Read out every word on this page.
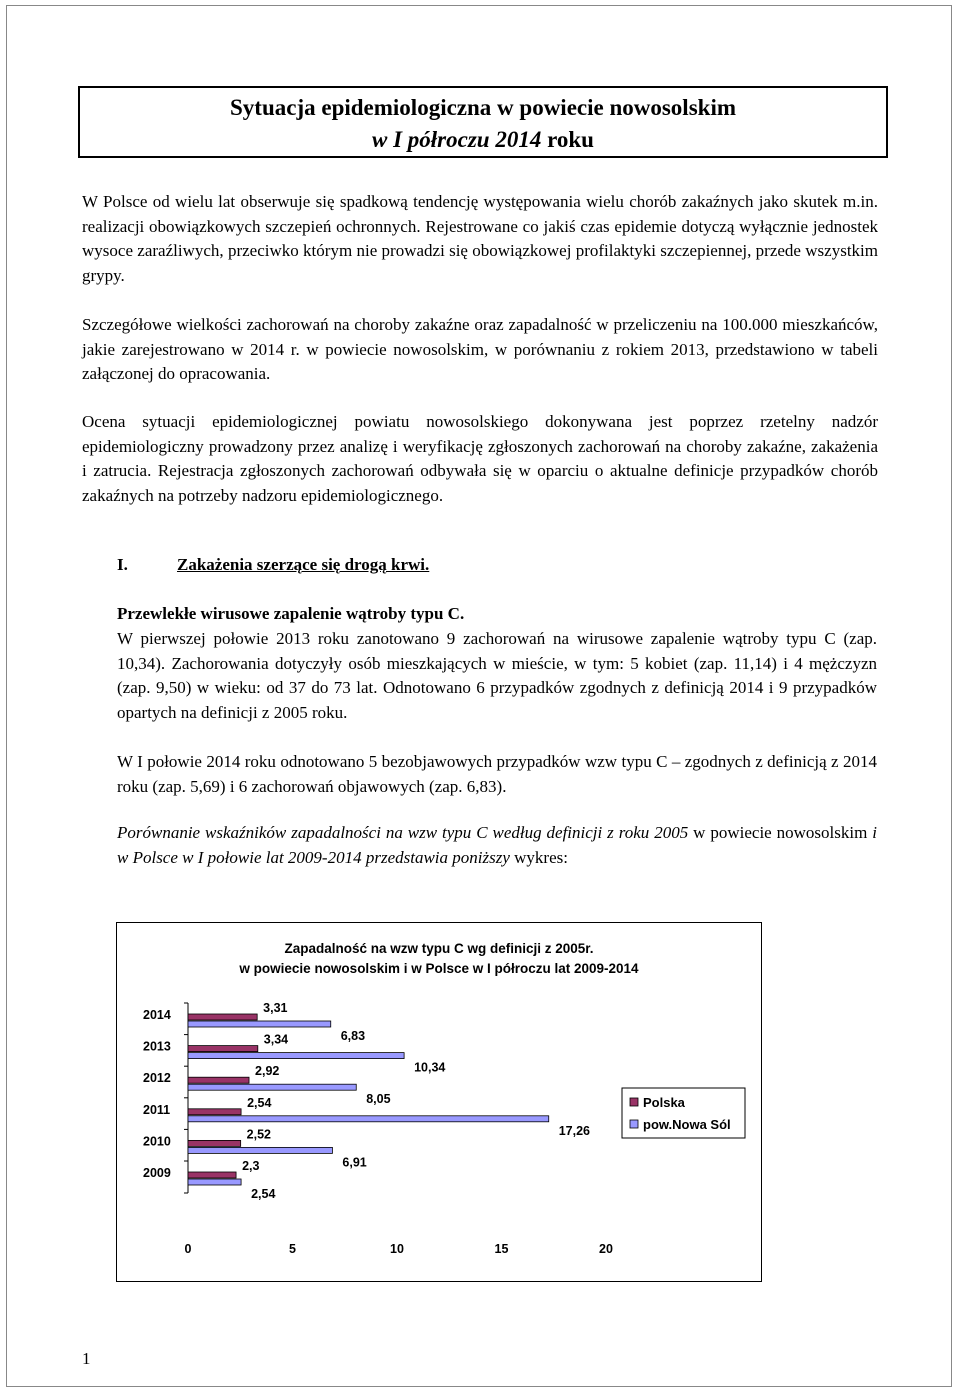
Sytuacja epidemiologiczna w powiecie nowosolskim
w I półroczu 2014 roku
W Polsce od wielu lat obserwuje się spadkową tendencję występowania wielu chorób zakaźnych jako skutek m.in. realizacji obowiązkowych szczepień ochronnych. Rejestrowane co jakiś czas epidemie dotyczą wyłącznie jednostek wysoce zaraźliwych, przeciwko którym nie prowadzi się obowiązkowej profilaktyki szczepiennej, przede wszystkim grypy.
Szczegółowe wielkości zachorowań na choroby zakaźne oraz zapadalność w przeliczeniu na 100.000 mieszkańców, jakie zarejestrowano w 2014 r. w powiecie nowosolskim, w porównaniu z rokiem 2013, przedstawiono w tabeli załączonej do opracowania.
Ocena sytuacji epidemiologicznej powiatu nowosolskiego dokonywana jest poprzez rzetelny nadzór epidemiologiczny prowadzony przez analizę i weryfikację zgłoszonych zachorowań na choroby zakaźne, zakażenia i zatrucia. Rejestracja zgłoszonych zachorowań odbywała się w oparciu o aktualne definicje przypadków chorób zakaźnych na potrzeby nadzoru epidemiologicznego.
I.	Zakażenia szerzące się drogą krwi.
Przewlekłe wirusowe zapalenie wątroby typu C.
W pierwszej połowie 2013 roku zanotowano 9 zachorowań na wirusowe zapalenie wątroby typu C (zap. 10,34). Zachorowania dotyczyły osób mieszkających w mieście, w tym: 5 kobiet (zap. 11,14) i 4 mężczyzn (zap. 9,50) w wieku: od 37 do 73 lat. Odnotowano 6 przypadków zgodnych z definicją 2014 i 9 przypadków opartych na definicji z 2005 roku.
W I połowie 2014 roku odnotowano 5 bezobjawowych przypadków wzw typu C – zgodnych z definicją z 2014 roku (zap. 5,69) i 6 zachorowań objawowych (zap. 6,83).
Porównanie wskaźników zapadalności na wzw typu C według definicji z roku 2005 w powiecie nowosolskim i w Polsce w I połowie lat 2009-2014 przedstawia poniższy wykres:
Zapadalność na wzw typu C wg definicji z 2005r.
w powiecie nowosolskim i w Polsce w I półroczu lat 2009-2014
2014
2013
2012
2011
2010
2009
3,31
3,34
2,92
2,54
2,52
2,3
6,83
10,34
8,05
17,26
6,91
2,54
0	5	10	15	20
Polska
pow.Nowa Sól
1
